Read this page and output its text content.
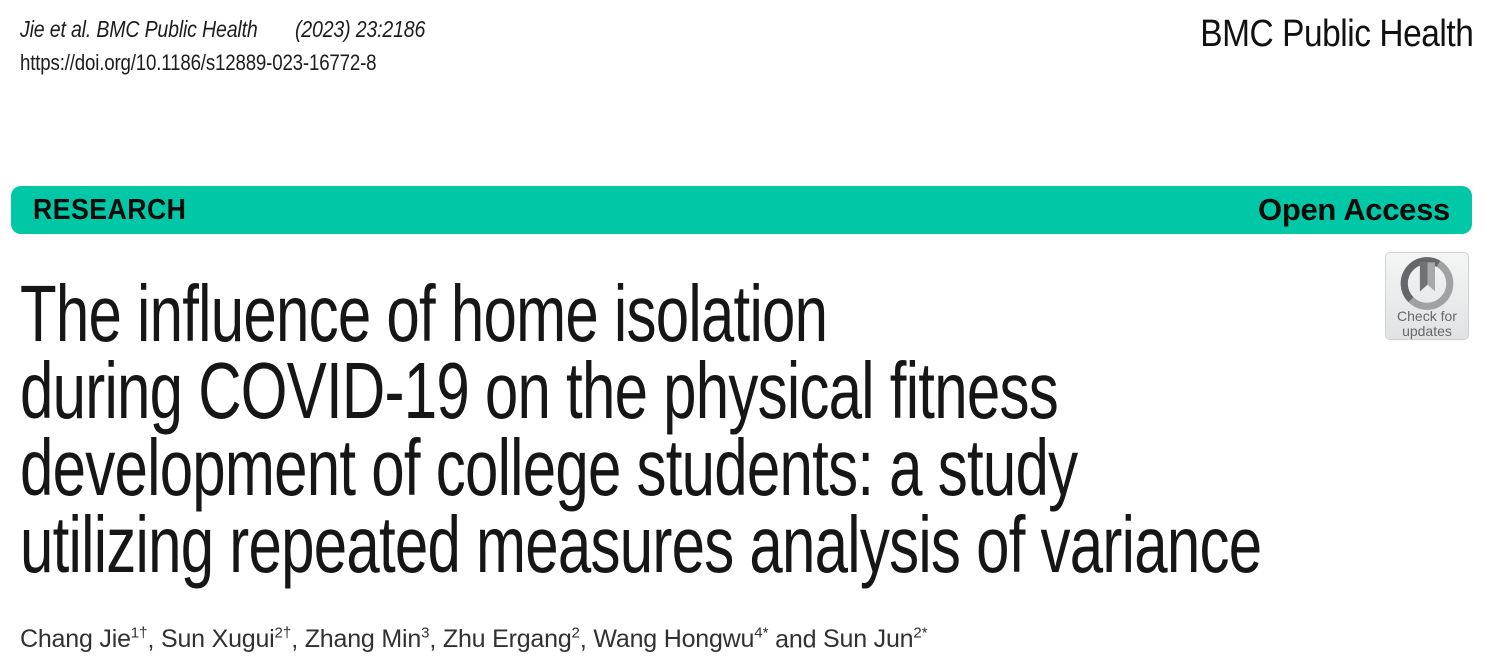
Jie et al. BMC Public Health (2023) 23:2186
https://doi.org/10.1186/s12889-023-16772-8
BMC Public Health
RESEARCH	Open Access
Check for
updates
The influence of home isolation
during COVID-19 on the physical fitness
development of college students: a study
utilizing repeated measures analysis of variance
Chang Jie$^{1\dagger}$, Sun Xugui$^{2\dagger}$, Zhang Min$^3$, Zhu Ergang$^2$, Wang Hongwu$^{4*}$ and Sun Jun$^{2*}$
